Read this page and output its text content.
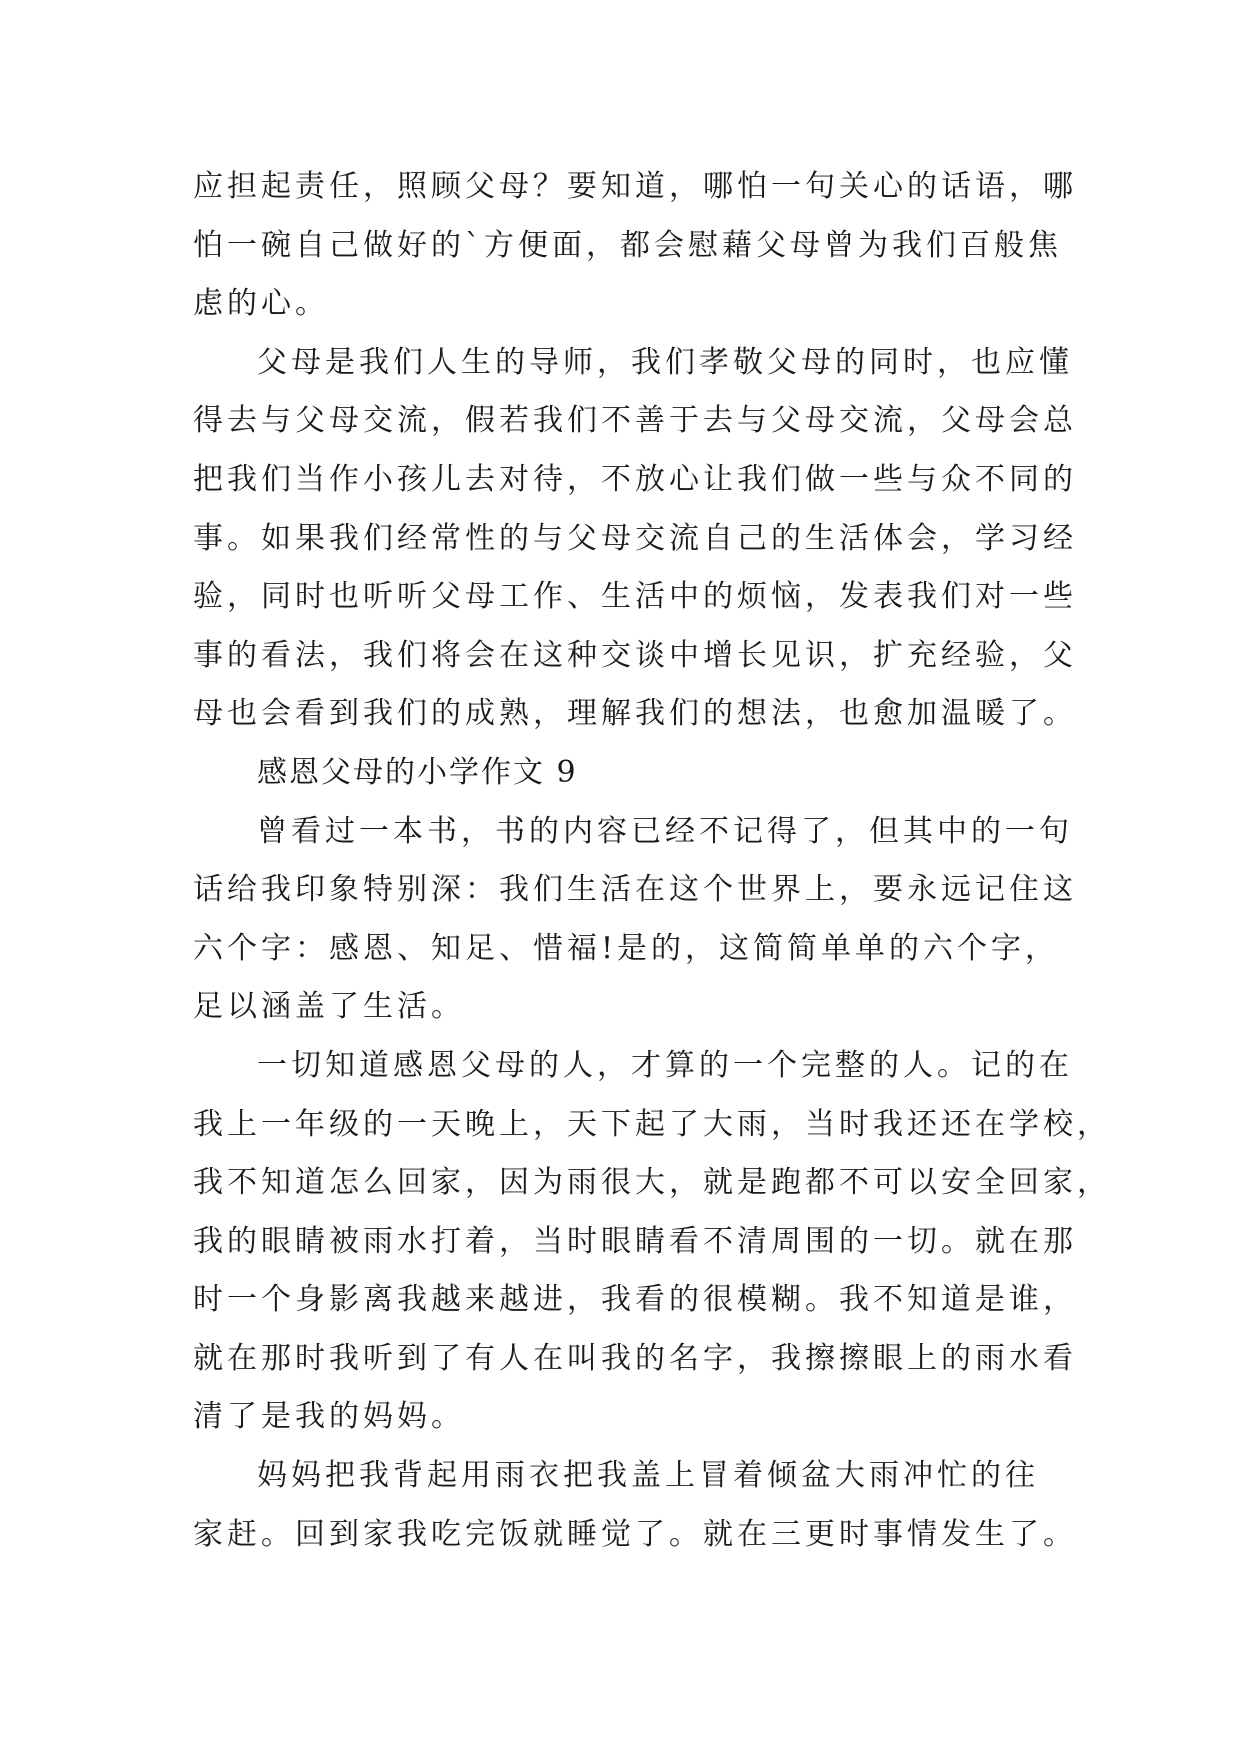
应担起责任，照顾父母？要知道，哪怕一句关心的话语，哪
怕一碗自己做好的`方便面，都会慰藉父母曾为我们百般焦
虑的心。

父母是我们人生的导师，我们孝敬父母的同时，也应懂
得去与父母交流，假若我们不善于去与父母交流，父母会总
把我们当作小孩儿去对待，不放心让我们做一些与众不同的
事。如果我们经常性的与父母交流自己的生活体会，学习经
验，同时也听听父母工作、生活中的烦恼，发表我们对一些
事的看法，我们将会在这种交谈中增长见识，扩充经验，父
母也会看到我们的成熟，理解我们的想法，也愈加温暖了。

感恩父母的小学作文 9

曾看过一本书，书的内容已经不记得了，但其中的一句
话给我印象特别深：我们生活在这个世界上，要永远记住这
六个字：感恩、知足、惜福!是的，这简简单单的六个字，
足以涵盖了生活。

一切知道感恩父母的人，才算的一个完整的人。记的在
我上一年级的一天晚上，天下起了大雨，当时我还还在学校，
我不知道怎么回家，因为雨很大，就是跑都不可以安全回家，
我的眼睛被雨水打着，当时眼睛看不清周围的一切。就在那
时一个身影离我越来越进，我看的很模糊。我不知道是谁，
就在那时我听到了有人在叫我的名字，我擦擦眼上的雨水看
清了是我的妈妈。

妈妈把我背起用雨衣把我盖上冒着倾盆大雨冲忙的往
家赶。回到家我吃完饭就睡觉了。就在三更时事情发生了。
